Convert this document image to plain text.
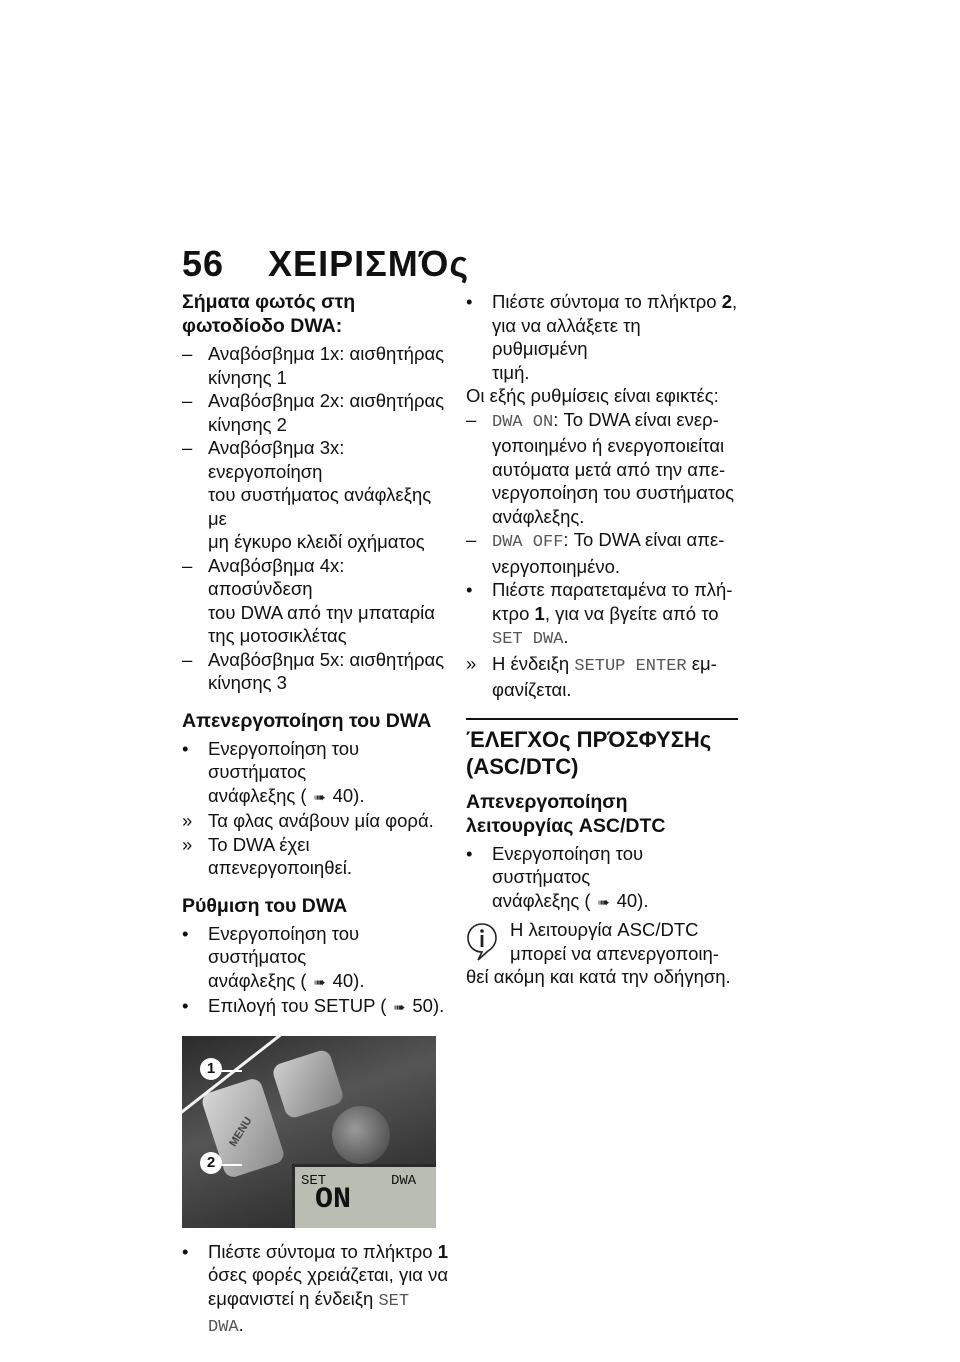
56 ΧΕΙΡΙΣΜΌς

Σήματα φωτός στη
φωτοδίοδο DWA:

– Αναβόσβημα 1x: αισθητήρας
κίνησης 1
– Αναβόσβημα 2x: αισθητήρας
κίνησης 2
– Αναβόσβημα 3x: ενεργοποίηση
του συστήματος ανάφλεξης με
μη έγκυρο κλειδί οχήματος
– Αναβόσβημα 4x: αποσύνδεση
του DWA από την μπαταρία
της μοτοσικλέτας
– Αναβόσβημα 5x: αισθητήρας
κίνησης 3

Απενεργοποίηση του DWA

•	Ενεργοποίηση του συστήματος
ανάφλεξης ( ➠ 40).
» Τα φλας ανάβουν μία φορά.
» Το DWA έχει απενεργοποιηθεί.

Ρύθμιση του DWA

•	Ενεργοποίηση του συστήματος
ανάφλεξης ( ➠ 40).
•	Επιλογή του SETUP ( ➠ 50).
MENU
SET	DWA
ON
1
2
•	Πιέστε σύντομα το πλήκτρο 1
όσες φορές χρειάζεται, για να
εμφανιστεί η ένδειξη SET DWA.
•	Πιέστε σύντομα το πλήκτρο 2,
για να αλλάξετε τη ρυθμισμένη
τιμή.
Οι εξής ρυθμίσεις είναι εφικτές:
– DWA ON: Το DWA είναι ενερ-
γοποιημένο ή ενεργοποιείται
αυτόματα μετά από την απε-
νεργοποίηση του συστήματος
ανάφλεξης.
– DWA OFF: Το DWA είναι απε-
νεργοποιημένο.
•	Πιέστε παρατεταμένα το πλή-
κτρο 1, για να βγείτε από το
SET DWA.
» Η ένδειξη SETUP ENTER εμ-
φανίζεται.

ΈΛΕΓΧΟς ΠΡΌΣΦΥΣΗς
(ASC/DTC)

Απενεργοποίηση
λειτουργίας ASC/DTC

•	Ενεργοποίηση του συστήματος
ανάφλεξης ( ➠ 40).
Η λειτουργία ASC/DTC
μπορεί να απενεργοποιη-
θεί ακόμη και κατά την οδήγηση.
